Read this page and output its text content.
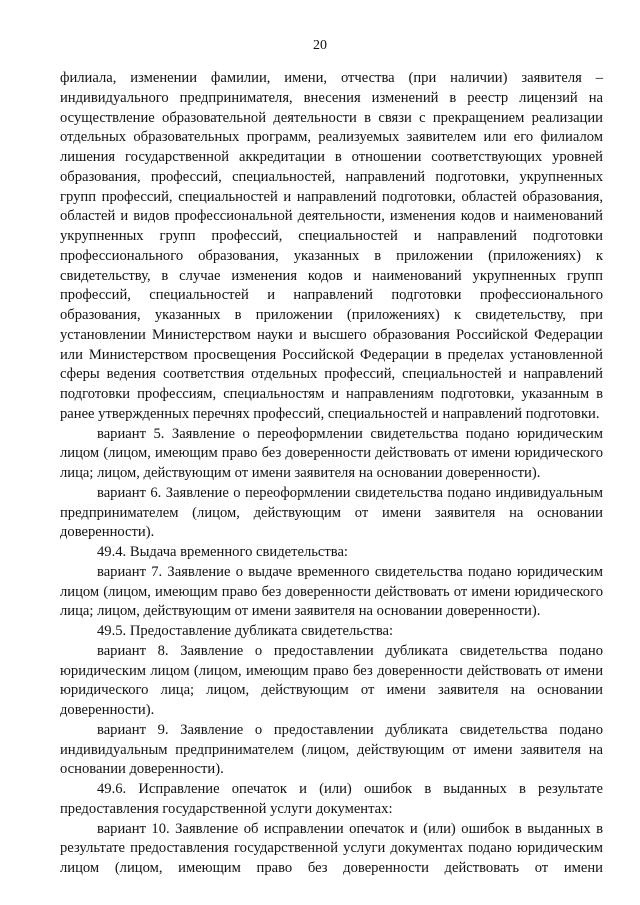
20

филиала, изменении фамилии, имени, отчества (при наличии) заявителя – индивидуального предпринимателя, внесения изменений в реестр лицензий на осуществление образовательной деятельности в связи с прекращением реализации отдельных образовательных программ, реализуемых заявителем или его филиалом лишения государственной аккредитации в отношении соответствующих уровней образования, профессий, специальностей, направлений подготовки, укрупненных групп профессий, специальностей и направлений подготовки, областей образования, областей и видов профессиональной деятельности, изменения кодов и наименований укрупненных групп профессий, специальностей и направлений подготовки профессионального образования, указанных в приложении (приложениях) к свидетельству, в случае изменения кодов и наименований укрупненных групп профессий, специальностей и направлений подготовки профессионального образования, указанных в приложении (приложениях) к свидетельству, при установлении Министерством науки и высшего образования Российской Федерации или Министерством просвещения Российской Федерации в пределах установленной сферы ведения соответствия отдельных профессий, специальностей и направлений подготовки профессиям, специальностям и направлениям подготовки, указанным в ранее утвержденных перечнях профессий, специальностей и направлений подготовки.

вариант 5. Заявление о переоформлении свидетельства подано юридическим лицом (лицом, имеющим право без доверенности действовать от имени юридического лица; лицом, действующим от имени заявителя на основании доверенности).

вариант 6. Заявление о переоформлении свидетельства подано индивидуальным предпринимателем (лицом, действующим от имени заявителя на основании доверенности).

49.4. Выдача временного свидетельства:

вариант 7. Заявление о выдаче временного свидетельства подано юридическим лицом (лицом, имеющим право без доверенности действовать от имени юридического лица; лицом, действующим от имени заявителя на основании доверенности).

49.5. Предоставление дубликата свидетельства:

вариант 8. Заявление о предоставлении дубликата свидетельства подано юридическим лицом (лицом, имеющим право без доверенности действовать от имени юридического лица; лицом, действующим от имени заявителя на основании доверенности).

вариант 9. Заявление о предоставлении дубликата свидетельства подано индивидуальным предпринимателем (лицом, действующим от имени заявителя на основании доверенности).

49.6. Исправление опечаток и (или) ошибок в выданных в результате предоставления государственной услуги документах:

вариант 10. Заявление об исправлении опечаток и (или) ошибок в выданных в результате предоставления государственной услуги документах подано юридическим лицом (лицом, имеющим право без доверенности действовать от имени
